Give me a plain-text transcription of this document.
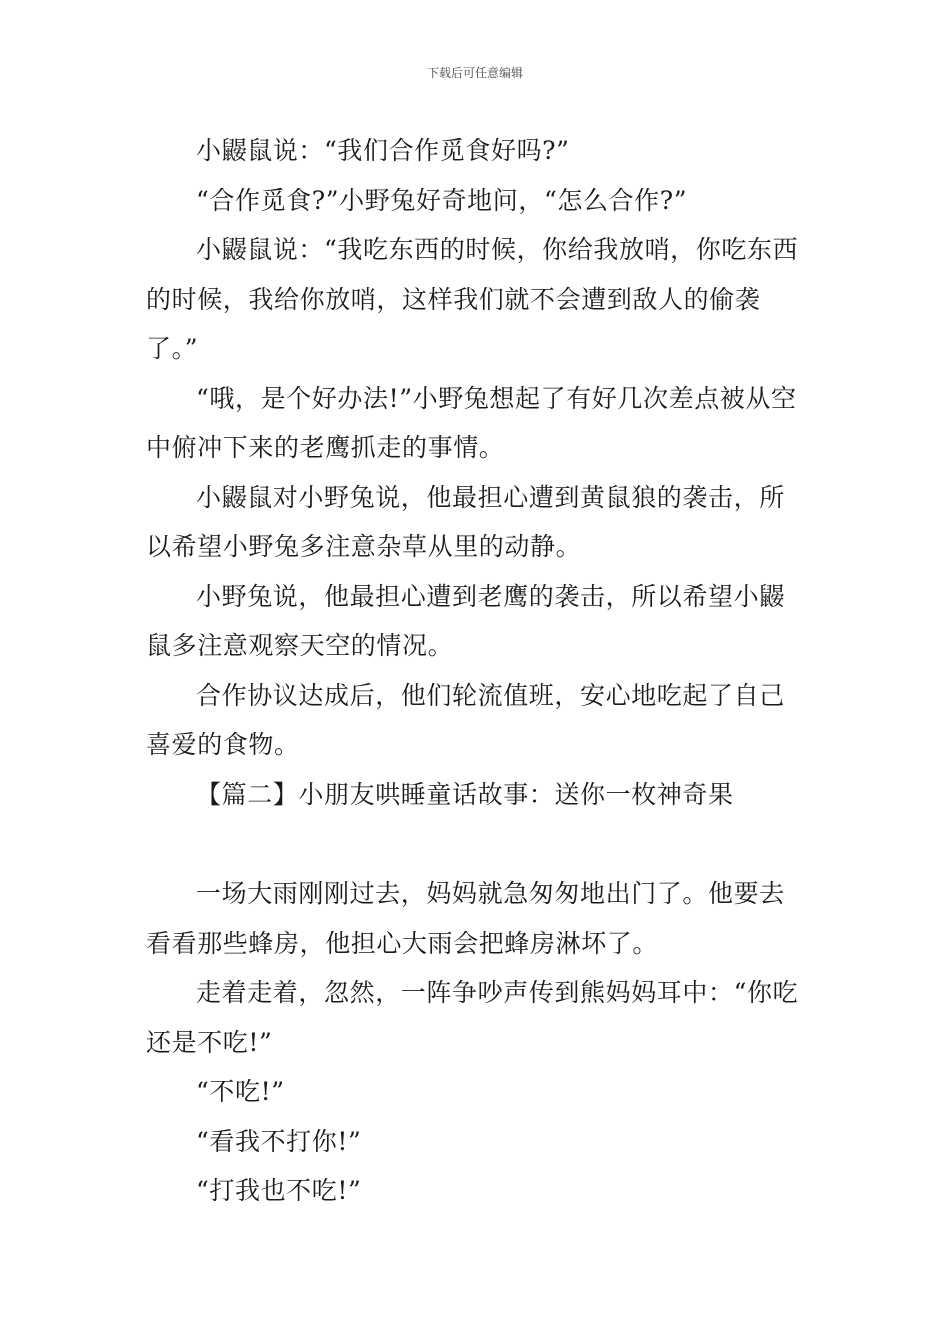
下载后可任意编辑

小鼹鼠说：“我们合作觅食好吗?”

“合作觅食?”小野兔好奇地问，“怎么合作?”

小鼹鼠说：“我吃东西的时候，你给我放哨，你吃东西的时候，我给你放哨，这样我们就不会遭到敌人的偷袭了。”

“哦，是个好办法!”小野兔想起了有好几次差点被从空中俯冲下来的老鹰抓走的事情。

小鼹鼠对小野兔说，他最担心遭到黄鼠狼的袭击，所以希望小野兔多注意杂草从里的动静。

小野兔说，他最担心遭到老鹰的袭击，所以希望小鼹鼠多注意观察天空的情况。

合作协议达成后，他们轮流值班，安心地吃起了自己喜爱的食物。

【篇二】小朋友哄睡童话故事：送你一枚神奇果

一场大雨刚刚过去，妈妈就急匆匆地出门了。他要去看看那些蜂房，他担心大雨会把蜂房淋坏了。

走着走着，忽然，一阵争吵声传到熊妈妈耳中：“你吃还是不吃!”

“不吃!”

“看我不打你!”

“打我也不吃!”
